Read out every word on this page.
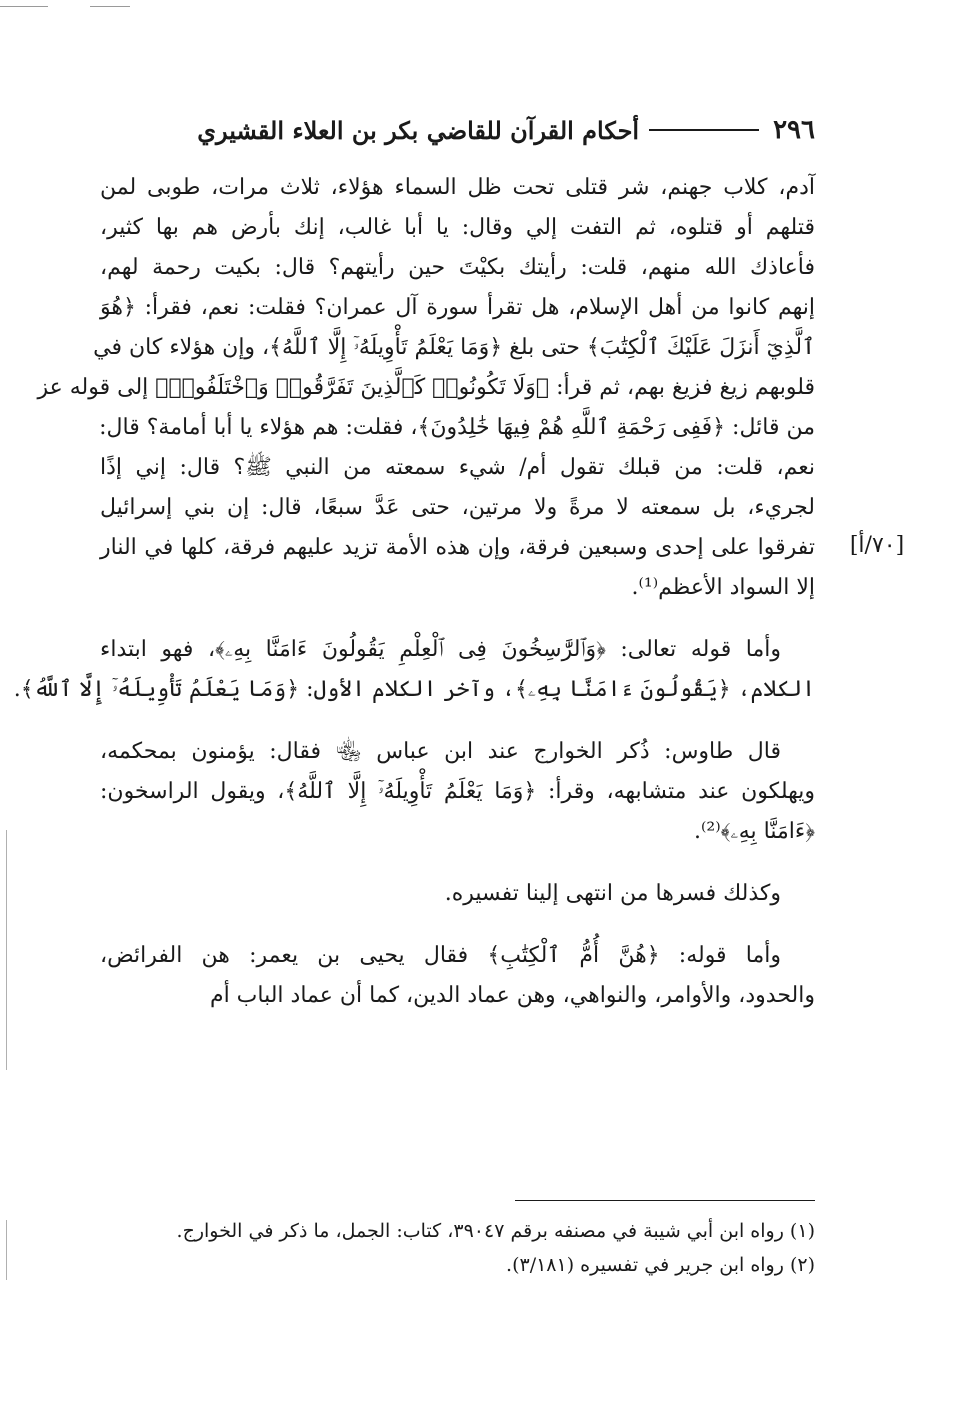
٢٩٦
أحكام القرآن للقاضي بكر بن العلاء القشيري
[٧٠/أ]
آدم، كلاب جهنم، شر قتلى تحت ظل السماء هؤلاء، ثلاث مرات، طوبى لمن
قتلهم أو قتلوه، ثم التفت إلي وقال: يا أبا غالب، إنك بأرض هم بها كثير،
فأعاذك الله منهم، قلت: رأيتك بكيْتَ حين رأيتهم؟ قال: بكيت رحمة لهم،
إنهم كانوا من أهل الإسلام، هل تقرأ سورة آل عمران؟ فقلت: نعم، فقرأ: ﴿هُوَ
ٱلَّذِيٓ أَنزَلَ عَلَيْكَ ٱلْكِتَٰبَ﴾ حتى بلغ ﴿وَمَا يَعْلَمُ تَأْوِيلَهُۥٓ إِلَّا ٱللَّهُ﴾، وإن هؤلاء كان في
قلوبهم زيغ فزيغ بهم، ثم قرأ: ﴿وَلَا تَكُونُوا۟ كَٱلَّذِينَ تَفَرَّقُوا۟ وَٱخْتَلَفُوا۟﴾ إلى قوله عز
من قائل: ﴿فَفِى رَحْمَةِ ٱللَّهِ هُمْ فِيهَا خَٰلِدُونَ﴾، فقلت: هم هؤلاء يا أبا أمامة؟ قال:
نعم، قلت: من قبلك تقول أم/ شيء سمعته من النبي ﷺ؟ قال: إني إذًا
لجريء، بل سمعته لا مرةً ولا مرتين، حتى عَدَّ سبعًا، قال: إن بني إسرائيل
تفرقوا على إحدى وسبعين فرقة، وإن هذه الأمة تزيد عليهم فرقة، كلها في النار
إلا السواد الأعظم⁽¹⁾.
وأما قوله تعالى: ﴿وَٱلرَّٰسِخُونَ فِى ٱلْعِلْمِ يَقُولُونَ ءَامَنَّا بِهِۦ﴾، فهو ابتداء
الكلام، ﴿يَقُولُونَ ءَامَنَّا بِهِۦ﴾، وآخر الكلام الأول: ﴿وَمَا يَعْلَمُ تَأْوِيلَهُۥٓ إِلَّا ٱللَّهُ﴾.
قال طاوس: ذُكر الخوارج عند ابن عباس ﵄ فقال: يؤمنون بمحكمه،
ويهلكون عند متشابهه، وقرأ: ﴿وَمَا يَعْلَمُ تَأْوِيلَهُۥٓ إِلَّا ٱللَّهُ﴾، ويقول الراسخون:
﴿ءَامَنَّا بِهِۦ﴾⁽²⁾.
وكذلك فسرها من انتهى إلينا تفسيره.
وأما قوله: ﴿هُنَّ أُمُّ ٱلْكِتَٰبِ﴾ فقال يحيى بن يعمر: هن الفرائض،
والحدود، والأوامر، والنواهي، وهن عماد الدين، كما أن عماد الباب أم
(١) رواه ابن أبي شيبة في مصنفه برقم ٣٩٠٤٧، كتاب: الجمل، ما ذكر في الخوارج.
(٢) رواه ابن جرير في تفسيره (٣/١٨١).
